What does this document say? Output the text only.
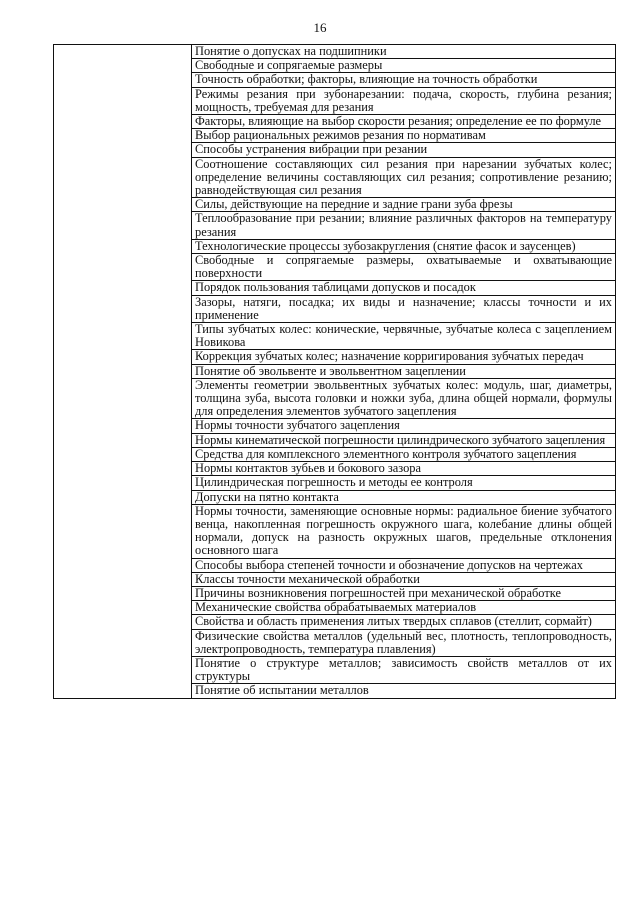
16

Понятие о допусках на подшипники

Свободные и сопрягаемые размеры

Точность обработки; факторы, влияющие на точность обработки

Режимы резания при зубонарезании: подача, скорость, глубина резания; мощность, требуемая для резания

Факторы, влияющие на выбор скорости резания; определение ее по формуле

Выбор рациональных режимов резания по нормативам

Способы устранения вибрации при резании

Соотношение составляющих сил резания при нарезании зубчатых колес; определение величины составляющих сил резания; сопротивление резанию; равнодействующая сил резания

Силы, действующие на передние и задние грани зуба фрезы

Теплообразование при резании; влияние различных факторов на температуру резания

Технологические процессы зубозакругления (снятие фасок и заусенцев)

Свободные и сопрягаемые размеры, охватываемые и охватывающие поверхности

Порядок пользования таблицами допусков и посадок

Зазоры, натяги, посадка; их виды и назначение; классы точности и их применение

Типы зубчатых колес: конические, червячные, зубчатые колеса с зацеплением Новикова

Коррекция зубчатых колес; назначение корригирования зубчатых передач

Понятие об эвольвенте и эвольвентном зацеплении

Элементы геометрии эвольвентных зубчатых колес: модуль, шаг, диаметры, толщина зуба, высота головки и ножки зуба, длина общей нормали, формулы для определения элементов зубчатого зацепления

Нормы точности зубчатого зацепления

Нормы кинематической погрешности цилиндрического зубчатого зацепления

Средства для комплексного элементного контроля зубчатого зацепления

Нормы контактов зубьев и бокового зазора

Цилиндрическая погрешность и методы ее контроля

Допуски на пятно контакта

Нормы точности, заменяющие основные нормы: радиальное биение зубчатого венца, накопленная погрешность окружного шага, колебание длины общей нормали, допуск на разность окружных шагов, предельные отклонения основного шага

Способы выбора степеней точности и обозначение допусков на чертежах

Классы точности механической обработки

Причины возникновения погрешностей при механической обработке

Механические свойства обрабатываемых материалов

Свойства и область применения литых твердых сплавов (стеллит, сормайт)

Физические свойства металлов (удельный вес, плотность, теплопроводность, электропроводность, температура плавления)

Понятие о структуре металлов; зависимость свойств металлов от их структуры

Понятие об испытании металлов
